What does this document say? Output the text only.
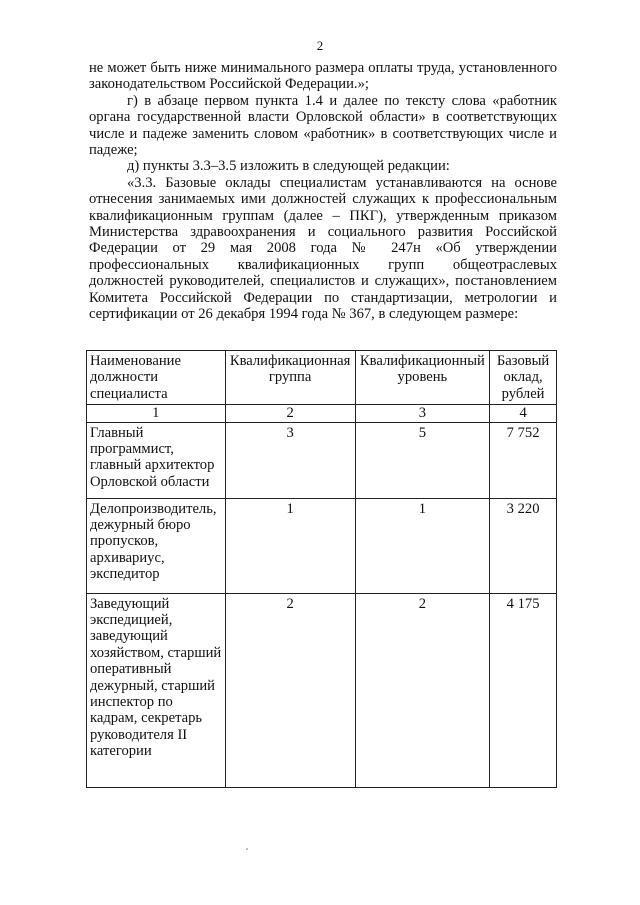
2

не может быть ниже минимального размера оплаты труда, установленного законодательством Российской Федерации.»;

г) в абзаце первом пункта 1.4 и далее по тексту слова «работник органа государственной власти Орловской области» в соответствующих числе и падеже заменить словом «работник» в соответствующих числе и падеже;

д) пункты 3.3–3.5 изложить в следующей редакции:

«3.3. Базовые оклады специалистам устанавливаются на основе отнесения занимаемых ими должностей служащих к профессиональным квалификационным группам (далее – ПКГ), утвержденным приказом Министерства здравоохранения и социального развития Российской Федерации от 29 мая 2008 года № 247н «Об утверждении профессиональных квалификационных групп общеотраслевых должностей руководителей, специалистов и служащих», постановлением Комитета Российской Федерации по стандартизации, метрологии и сертификации от 26 декабря 1994 года № 367, в следующем размере:

Наименование должности специалиста	Квалификационная группа	Квалификационный уровень	Базовый оклад, рублей
1	2	3	4
Главный программист, главный архитектор Орловской области	3	5	7 752
Делопроизводитель, дежурный бюро пропусков, архивариус, экспедитор	1	1	3 220
Заведующий экспедицией, заведующий хозяйством, старший оперативный дежурный, старший инспектор по кадрам, секретарь руководителя II категории	2	2	4 175
